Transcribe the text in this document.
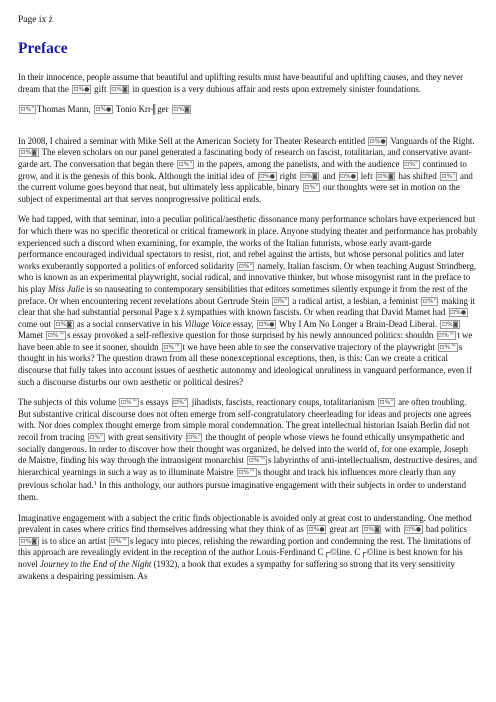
Page ix ź
Preface

In their innocence, people assume that beautiful and uplifting results must have beautiful and uplifting causes, and they never dream that the ⊡%● gift ⊡%◙ in question is a very dubious affair and rests upon extremely sinister foundations.

⊡%” Thomas Mann, ⊡%● Tonio Krr╢ger ⊡%◙

In 2008, I chaired a seminar with Mike Sell at the American Society for Theater Research entitled ⊡%● Vanguards of the Right. ⊡%◙ The eleven scholars on our panel generated a fascinating body of research on fascist, totalitarian, and conservative avant-garde art. The conversation that began there ⊡%” in the papers, among the panelists, and with the audience ⊡%” continued to grow, and it is the genesis of this book. Although the initial idea of ⊡%● right ⊡%◙ and ⊡%● left ⊡%◙ has shifted ⊡%” and the current volume goes beyond that neat, but ultimately less applicable, binary ⊡%” our thoughts were set in motion on the subject of experimental art that serves nonprogressive political ends.

We had tapped, with that seminar, into a peculiar political/aesthetic dissonance many performance scholars have experienced but for which there was no specific theoretical or critical framework in place. Anyone studying theater and performance has probably experienced such a discord when examining, for example, the works of the Italian futurists, whose early avant-garde performance encouraged individual spectators to resist, riot, and rebel against the artists, but whose personal politics and later works exuberantly supported a politics of enforced solidarity ⊡%” namely, Italian fascism. Or when teaching August Strindberg, who is known as an experimental playwright, social radical, and innovative thinker, but whose misogynist rant in the preface to his play Miss Julie is so nauseating to contemporary sensibilities that editors sometimes silently expunge it from the rest of the preface. Or when encountering recent revelations about Gertrude Stein ⊡%” a radical artist, a lesbian, a feminist ⊡%” making it clear that she had substantial personal Page x ź sympathies with known fascists. Or when reading that David Mamet had ⊡%● come out ⊡%◙ as a social conservative in his Village Voice essay, ⊡%● Why I Am No Longer a Brain-Dead Liberal. ⊡%◙ Mamet ⊡%™ s essay provoked a self-reflexive question for those surprised by his newly announced politics: shouldn ⊡%™ t we have been able to see it sooner, shouldn ⊡%™ t we have been able to see the conservative trajectory of the playwright ⊡%™ s thought in his works? The question drawn from all these nonexceptional exceptions, then, is this: Can we create a critical discourse that fully takes into account issues of aesthetic autonomy and ideological unruliness in vanguard performance, even if such a discourse disturbs our own aesthetic or political desires?

The subjects of this volume ⊡%™ s essays ⊡%” jihadists, fascists, reactionary coups, totalitarianism ⊡%” are often troubling. But substantive critical discourse does not often emerge from self-congratulatory cheerleading for ideas and projects one agrees with. Nor does complex thought emerge from simple moral condemnation. The great intellectual historian Isaiah Berlin did not recoil from tracing ⊡%” with great sensitivity ⊡%” the thought of people whose views he found ethically unsympathetic and socially dangerous. In order to discover how their thought was organized, he delved into the world of, for one example, Joseph de Maistre, finding his way through the intransigent monarchist ⊡%™ s labyrinths of anti-intellectualism, destructive desires, and hierarchical yearnings in such a way as to illuminate Maistre ⊡%™ s thought and track his influences more clearly than any previous scholar had.$^1$ In this anthology, our authors pursue imaginative engagement with their subjects in order to understand them.

Imaginative engagement with a subject the critic finds objectionable is avoided only at great cost to understanding. One method prevalent in cases where critics find themselves addressing what they think of as ⊡%● great art ⊡%◙ with ⊡%● bad politics ⊡%◙ is to slice an artist ⊡%™ s legacy into pieces, relishing the rewarding portion and condemning the rest. The limitations of this approach are revealingly evident in the reception of the author Louis-Ferdinand C┌©line. C┌©line is best known for his novel Journey to the End of the Night (1932), a book that exudes a sympathy for suffering so strong that its very sensitivity awakens a despairing pessimism. As
